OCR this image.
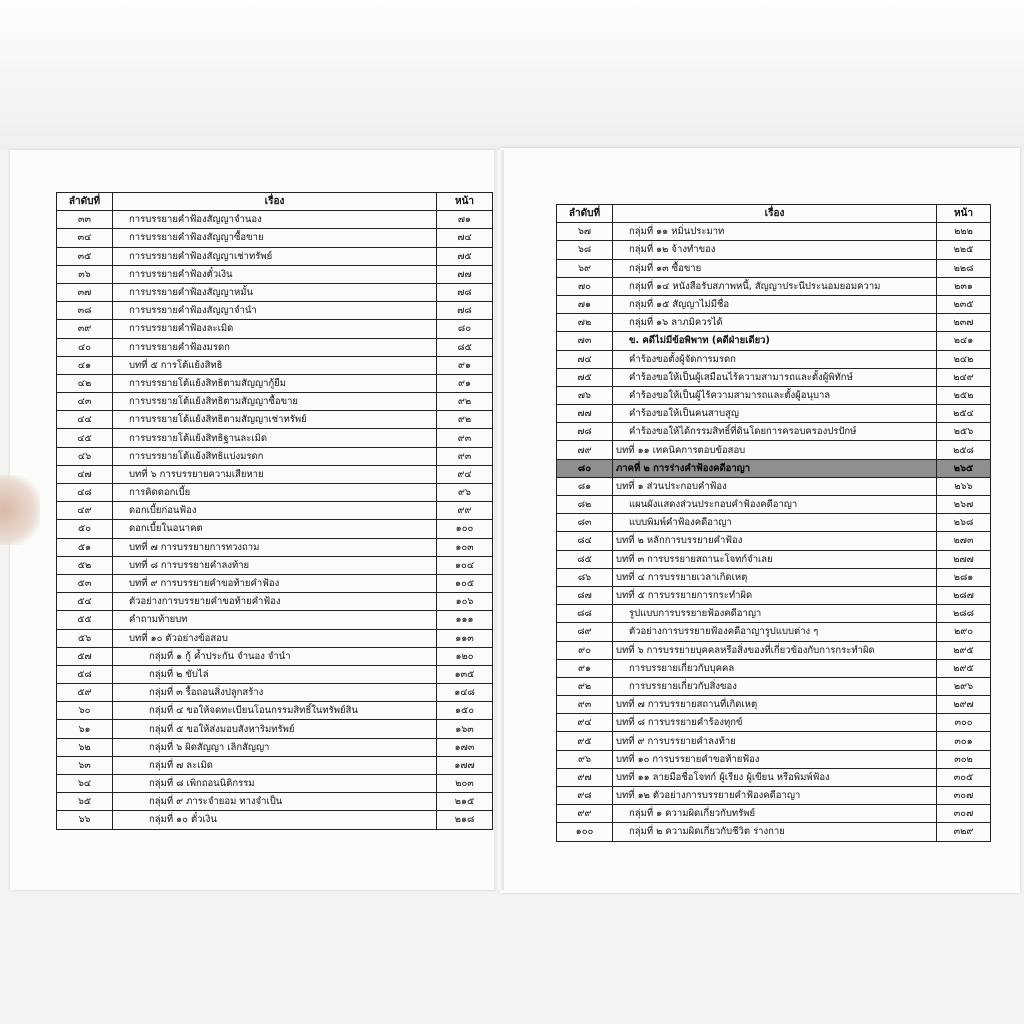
ลำดับที่	เรื่อง	หน้า
๓๓	การบรรยายคำฟ้องสัญญาจำนอง	๗๑
๓๔	การบรรยายคำฟ้องสัญญาซื้อขาย	๗๔
๓๕	การบรรยายคำฟ้องสัญญาเช่าทรัพย์	๗๕
๓๖	การบรรยายคำฟ้องตั๋วเงิน	๗๗
๓๗	การบรรยายคำฟ้องสัญญาหมั้น	๗๘
๓๘	การบรรยายคำฟ้องสัญญาจำนำ	๗๘
๓๙	การบรรยายคำฟ้องละเมิด	๘๐
๔๐	การบรรยายคำฟ้องมรดก	๘๕
๔๑	บทที่ ๕ การโต้แย้งสิทธิ	๙๑
๔๒	การบรรยายโต้แย้งสิทธิตามสัญญากู้ยืม	๙๑
๔๓	การบรรยายโต้แย้งสิทธิตามสัญญาซื้อขาย	๙๒
๔๔	การบรรยายโต้แย้งสิทธิตามสัญญาเช่าทรัพย์	๙๒
๔๕	การบรรยายโต้แย้งสิทธิฐานละเมิด	๙๓
๔๖	การบรรยายโต้แย้งสิทธิแบ่งมรดก	๙๓
๔๗	บทที่ ๖ การบรรยายความเสียหาย	๙๔
๔๘	การคิดดอกเบี้ย	๙๖
๔๙	ดอกเบี้ยก่อนฟ้อง	๙๙
๕๐	ดอกเบี้ยในอนาคต	๑๐๐
๕๑	บทที่ ๗ การบรรยายการทวงถาม	๑๐๓
๕๒	บทที่ ๘ การบรรยายคำลงท้าย	๑๐๔
๕๓	บทที่ ๙ การบรรยายคำขอท้ายคำฟ้อง	๑๐๕
๕๔	ตัวอย่างการบรรยายคำขอท้ายคำฟ้อง	๑๐๖
๕๕	คำถามท้ายบท	๑๑๑
๕๖	บทที่ ๑๐ ตัวอย่างข้อสอบ	๑๑๓
๕๗	กลุ่มที่ ๑ กู้ ค้ำประกัน จำนอง จำนำ	๑๒๐
๕๘	กลุ่มที่ ๒ ขับไล่	๑๓๕
๕๙	กลุ่มที่ ๓ รื้อถอนสิ่งปลูกสร้าง	๑๔๘
๖๐	กลุ่มที่ ๔ ขอให้จดทะเบียนโอนกรรมสิทธิ์ในทรัพย์สิน	๑๕๐
๖๑	กลุ่มที่ ๕ ขอให้ส่งมอบสังหาริมทรัพย์	๑๖๓
๖๒	กลุ่มที่ ๖ ผิดสัญญา เลิกสัญญา	๑๗๓
๖๓	กลุ่มที่ ๗ ละเมิด	๑๗๗
๖๔	กลุ่มที่ ๘ เพิกถอนนิติกรรม	๒๐๓
๖๕	กลุ่มที่ ๙ ภาระจำยอม ทางจำเป็น	๒๑๕
๖๖	กลุ่มที่ ๑๐ ตั๋วเงิน	๒๑๘
ลำดับที่	เรื่อง	หน้า
๖๗	กลุ่มที่ ๑๑ หมิ่นประมาท	๒๒๒
๖๘	กลุ่มที่ ๑๒ จ้างทำของ	๒๒๕
๖๙	กลุ่มที่ ๑๓ ซื้อขาย	๒๒๘
๗๐	กลุ่มที่ ๑๔ หนังสือรับสภาพหนี้, สัญญาประนีประนอมยอมความ	๒๓๑
๗๑	กลุ่มที่ ๑๕ สัญญาไม่มีชื่อ	๒๓๕
๗๒	กลุ่มที่ ๑๖ ลาภมิควรได้	๒๓๗
๗๓	ข. คดีไม่มีข้อพิพาท (คดีฝ่ายเดียว)	๒๔๑
๗๔	คำร้องขอตั้งผู้จัดการมรดก	๒๔๒
๗๕	คำร้องขอให้เป็นผู้เสมือนไร้ความสามารถและตั้งผู้พิทักษ์	๒๔๙
๗๖	คำร้องขอให้เป็นผู้ไร้ความสามารถและตั้งผู้อนุบาล	๒๕๒
๗๗	คำร้องขอให้เป็นคนสาบสูญ	๒๕๔
๗๘	คำร้องขอให้ได้กรรมสิทธิ์ที่ดินโดยการครอบครองปรปักษ์	๒๕๖
๗๙	บทที่ ๑๑ เทคนิคการตอบข้อสอบ	๒๕๘
๘๐	ภาคที่ ๒ การร่างคำฟ้องคดีอาญา	๒๖๕
๘๑	บทที่ ๑ ส่วนประกอบคำฟ้อง	๒๖๖
๘๒	แผนผังแสดงส่วนประกอบคำฟ้องคดีอาญา	๒๖๗
๘๓	แบบพิมพ์คำฟ้องคดีอาญา	๒๖๘
๘๔	บทที่ ๒ หลักการบรรยายคำฟ้อง	๒๗๓
๘๕	บทที่ ๓ การบรรยายสถานะโจทก์จำเลย	๒๗๗
๘๖	บทที่ ๔ การบรรยายเวลาเกิดเหตุ	๒๘๑
๘๗	บทที่ ๕ การบรรยายการกระทำผิด	๒๘๗
๘๘	รูปแบบการบรรยายฟ้องคดีอาญา	๒๘๘
๘๙	ตัวอย่างการบรรยายฟ้องคดีอาญารูปแบบต่าง ๆ	๒๙๐
๙๐	บทที่ ๖ การบรรยายบุคคลหรือสิ่งของที่เกี่ยวข้องกับการกระทำผิด	๒๙๕
๙๑	การบรรยายเกี่ยวกับบุคคล	๒๙๕
๙๒	การบรรยายเกี่ยวกับสิ่งของ	๒๙๖
๙๓	บทที่ ๗ การบรรยายสถานที่เกิดเหตุ	๒๙๗
๙๔	บทที่ ๘ การบรรยายคำร้องทุกข์	๓๐๐
๙๕	บทที่ ๙ การบรรยายคำลงท้าย	๓๐๑
๙๖	บทที่ ๑๐ การบรรยายคำขอท้ายฟ้อง	๓๐๒
๙๗	บทที่ ๑๑ ลายมือชื่อโจทก์ ผู้เรียง ผู้เขียน หรือพิมพ์ฟ้อง	๓๐๕
๙๘	บทที่ ๑๒ ตัวอย่างการบรรยายคำฟ้องคดีอาญา	๓๐๗
๙๙	กลุ่มที่ ๑ ความผิดเกี่ยวกับทรัพย์	๓๐๗
๑๐๐	กลุ่มที่ ๒ ความผิดเกี่ยวกับชีวิต ร่างกาย	๓๒๙
